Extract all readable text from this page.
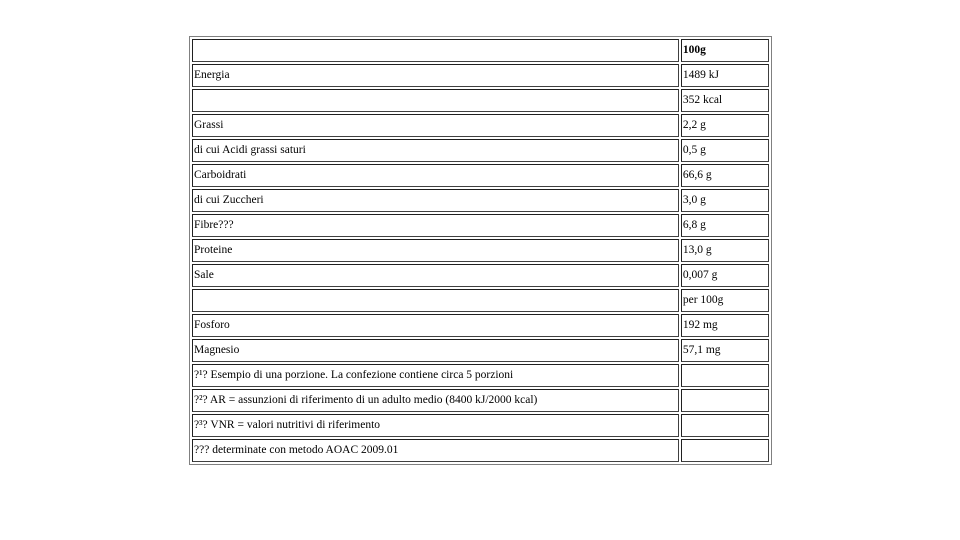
	100g
Energia	1489 kJ
	352 kcal
Grassi	2,2 g
di cui Acidi grassi saturi	0,5 g
Carboidrati	66,6 g
di cui Zuccheri	3,0 g
Fibre???	6,8 g
Proteine	13,0 g
Sale	0,007 g
	per 100g
Fosforo	192 mg
Magnesio	57,1 mg
?¹? Esempio di una porzione. La confezione contiene circa 5 porzioni	
?²? AR = assunzioni di riferimento di un adulto medio (8400 kJ/2000 kcal)	
?³? VNR = valori nutritivi di riferimento	
??? determinate con metodo AOAC 2009.01	
